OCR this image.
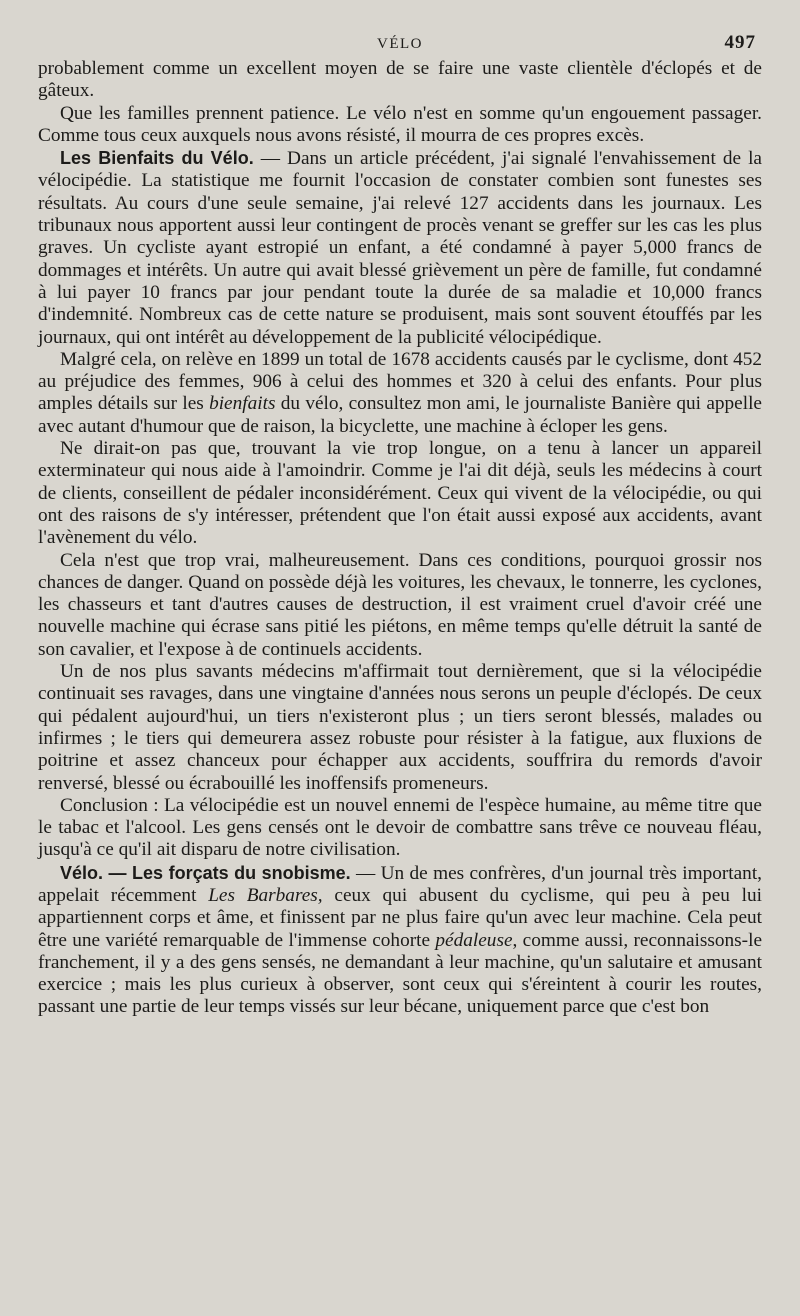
VÉLO	497

probablement comme un excellent moyen de se faire une vaste clientèle d'éclopés et de gâteux.

Que les familles prennent patience. Le vélo n'est en somme qu'un engouement passager. Comme tous ceux auxquels nous avons résisté, il mourra de ces propres excès.

Les Bienfaits du Vélo. — Dans un article précédent, j'ai signalé l'envahissement de la vélocipédie. La statistique me fournit l'occasion de constater combien sont funestes ses résultats. Au cours d'une seule semaine, j'ai relevé 127 accidents dans les journaux. Les tribunaux nous apportent aussi leur contingent de procès venant se greffer sur les cas les plus graves. Un cycliste ayant estropié un enfant, a été condamné à payer 5,000 francs de dommages et intérêts. Un autre qui avait blessé grièvement un père de famille, fut condamné à lui payer 10 francs par jour pendant toute la durée de sa maladie et 10,000 francs d'indemnité. Nombreux cas de cette nature se produisent, mais sont souvent étouffés par les journaux, qui ont intérêt au développement de la publicité vélocipédique.

Malgré cela, on relève en 1899 un total de 1678 accidents causés par le cyclisme, dont 452 au préjudice des femmes, 906 à celui des hommes et 320 à celui des enfants. Pour plus amples détails sur les bienfaits du vélo, consultez mon ami, le journaliste Banière qui appelle avec autant d'humour que de raison, la bicyclette, une machine à écloper les gens.

Ne dirait-on pas que, trouvant la vie trop longue, on a tenu à lancer un appareil exterminateur qui nous aide à l'amoindrir. Comme je l'ai dit déjà, seuls les médecins à court de clients, conseillent de pédaler inconsidérément. Ceux qui vivent de la vélocipédie, ou qui ont des raisons de s'y intéresser, prétendent que l'on était aussi exposé aux accidents, avant l'avènement du vélo.

Cela n'est que trop vrai, malheureusement. Dans ces conditions, pourquoi grossir nos chances de danger. Quand on possède déjà les voitures, les chevaux, le tonnerre, les cyclones, les chasseurs et tant d'autres causes de destruction, il est vraiment cruel d'avoir créé une nouvelle machine qui écrase sans pitié les piétons, en même temps qu'elle détruit la santé de son cavalier, et l'expose à de continuels accidents.

Un de nos plus savants médecins m'affirmait tout dernièrement, que si la vélocipédie continuait ses ravages, dans une vingtaine d'années nous serons un peuple d'éclopés. De ceux qui pédalent aujourd'hui, un tiers n'existeront plus ; un tiers seront blessés, malades ou infirmes ; le tiers qui demeurera assez robuste pour résister à la fatigue, aux fluxions de poitrine et assez chanceux pour échapper aux accidents, souffrira du remords d'avoir renversé, blessé ou écrabouillé les inoffensifs promeneurs.

Conclusion : La vélocipédie est un nouvel ennemi de l'espèce humaine, au même titre que le tabac et l'alcool. Les gens censés ont le devoir de combattre sans trêve ce nouveau fléau, jusqu'à ce qu'il ait disparu de notre civilisation.

Vélo. — Les forçats du snobisme. — Un de mes confrères, d'un journal très important, appelait récemment Les Barbares, ceux qui abusent du cyclisme, qui peu à peu lui appartiennent corps et âme, et finissent par ne plus faire qu'un avec leur machine. Cela peut être une variété remarquable de l'immense cohorte pédaleuse, comme aussi, reconnaissons-le franchement, il y a des gens sensés, ne demandant à leur machine, qu'un salutaire et amusant exercice ; mais les plus curieux à observer, sont ceux qui s'éreintent à courir les routes, passant une partie de leur temps vissés sur leur bécane, uniquement parce que c'est bon
